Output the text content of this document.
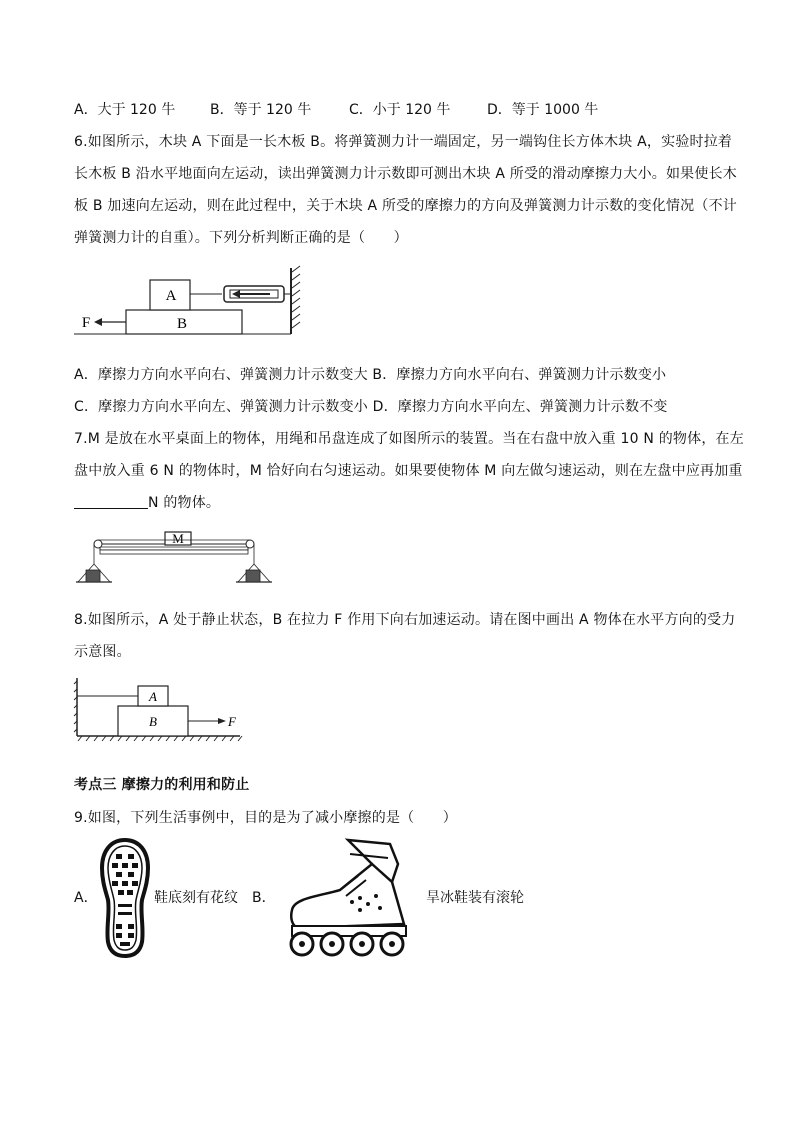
A．大于 120 牛 B．等于 120 牛	C．小于 120 牛	D．等于 1000 牛
6.如图所示，木块 A 下面是一长木板 B。将弹簧测力计一端固定，另一端钩住长方体木块 A，实验时拉着
长木板 B 沿水平地面向左运动，读出弹簧测力计示数即可测出木块 A 所受的滑动摩擦力大小。如果使长木
板 B 加速向左运动，则在此过程中，关于木块 A 所受的摩擦力的方向及弹簧测力计示数的变化情况（不计
弹簧测力计的自重）。下列分析判断正确的是（　　）
A
B
F
A．摩擦力方向水平向右、弹簧测力计示数变大 B．摩擦力方向水平向右、弹簧测力计示数变小
C．摩擦力方向水平向左、弹簧测力计示数变小 D．摩擦力方向水平向左、弹簧测力计示数不变
7.M 是放在水平桌面上的物体，用绳和吊盘连成了如图所示的装置。当在右盘中放入重 10 N 的物体，在左
盘中放入重 6 N 的物体时，M 恰好向右匀速运动。如果要使物体 M 向左做匀速运动，则在左盘中应再加重
N 的物体。
M
8.如图所示，A 处于静止状态，B 在拉力 F 作用下向右加速运动。请在图中画出 A 物体在水平方向的受力
示意图。
A
B	F
考点三 摩擦力的利用和防止
9.如图，下列生活事例中，目的是为了减小摩擦的是（　　）
A．	鞋底刻有花纹 B．	旱冰鞋装有滚轮
